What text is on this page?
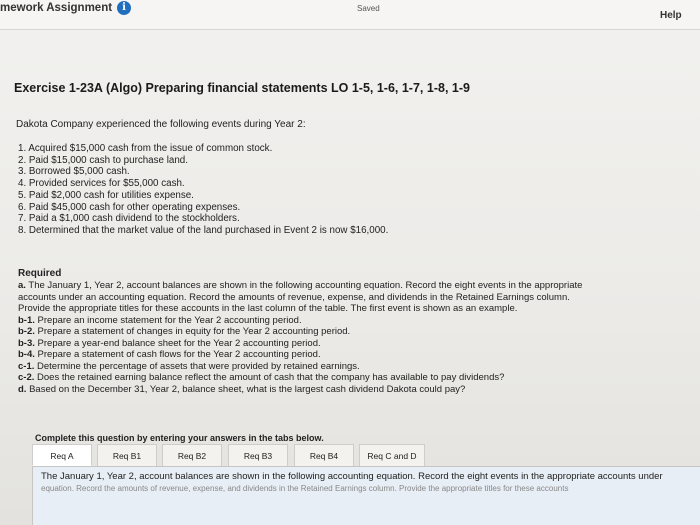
mework Assignment	i	Saved
Help
Exercise 1-23A (Algo) Preparing financial statements LO 1-5, 1-6, 1-7, 1-8, 1-9
Dakota Company experienced the following events during Year 2:
1. Acquired $15,000 cash from the issue of common stock.
2. Paid $15,000 cash to purchase land.
3. Borrowed $5,000 cash.
4. Provided services for $55,000 cash.
5. Paid $2,000 cash for utilities expense.
6. Paid $45,000 cash for other operating expenses.
7. Paid a $1,000 cash dividend to the stockholders.
8. Determined that the market value of the land purchased in Event 2 is now $16,000.
Required
a. The January 1, Year 2, account balances are shown in the following accounting equation. Record the eight events in the appropriate
accounts under an accounting equation. Record the amounts of revenue, expense, and dividends in the Retained Earnings column.
Provide the appropriate titles for these accounts in the last column of the table. The first event is shown as an example.
b-1. Prepare an income statement for the Year 2 accounting period.
b-2. Prepare a statement of changes in equity for the Year 2 accounting period.
b-3. Prepare a year-end balance sheet for the Year 2 accounting period.
b-4. Prepare a statement of cash flows for the Year 2 accounting period.
c-1. Determine the percentage of assets that were provided by retained earnings.
c-2. Does the retained earning balance reflect the amount of cash that the company has available to pay dividends?
d. Based on the December 31, Year 2, balance sheet, what is the largest cash dividend Dakota could pay?
Complete this question by entering your answers in the tabs below.
Req A	Req B1	Req B2	Req B3	Req B4	Req C and D
The January 1, Year 2, account balances are shown in the following accounting equation. Record the eight events in the appropriate accounts under
equation. Record the amounts of revenue, expense, and dividends in the Retained Earnings column. Provide the appropriate titles for these accounts
